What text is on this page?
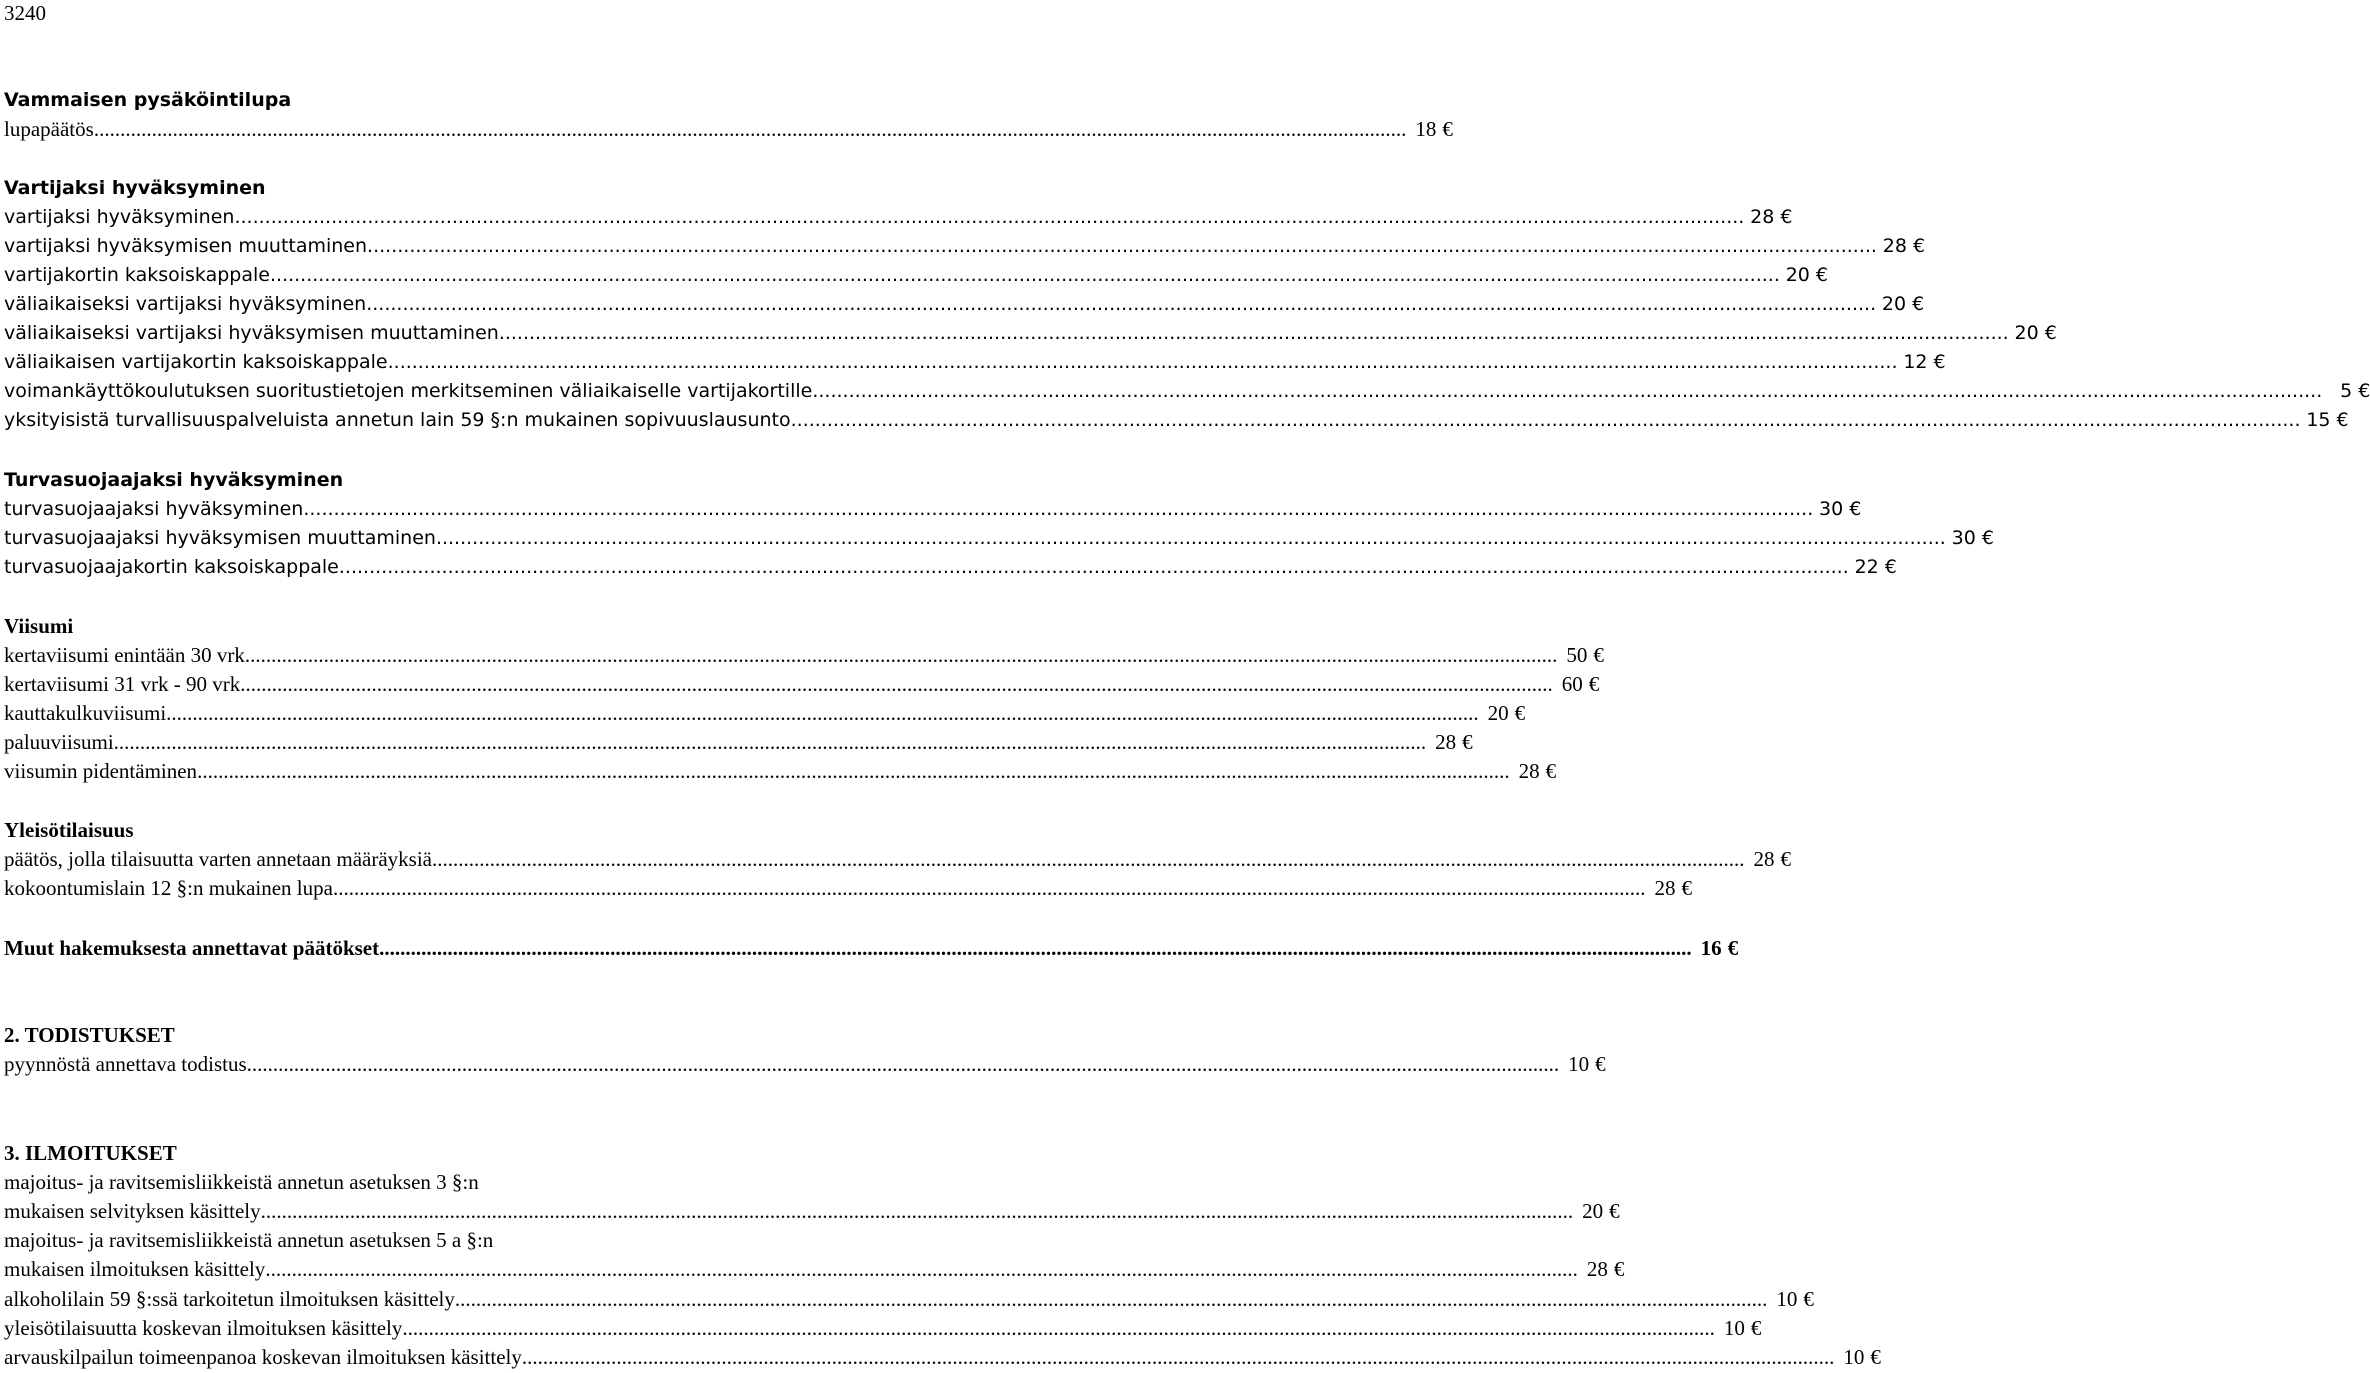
3240
Vammaisen pysäköintilupa
lupapäätös .......................................................................................................................................................................................................................................................... 18 €
Vartijaksi hyväksyminen
vartijaksi hyväksyminen .......................................................................................................................................................................................................................................................... 28 €
vartijaksi hyväksymisen muuttaminen .......................................................................................................................................................................................................................................................... 28 €
vartijakortin kaksoiskappale .......................................................................................................................................................................................................................................................... 20 €
väliaikaiseksi vartijaksi hyväksyminen .......................................................................................................................................................................................................................................................... 20 €
väliaikaiseksi vartijaksi hyväksymisen muuttaminen .......................................................................................................................................................................................................................................................... 20 €
väliaikaisen vartijakortin kaksoiskappale .......................................................................................................................................................................................................................................................... 12 €
voimankäyttökoulutuksen suoritustietojen merkitseminen väliaikaiselle vartijakortille .......................................................................................................................................................................................................................................................... 5 €
yksityisistä turvallisuuspalveluista annetun lain 59 §:n mukainen sopivuuslausunto .......................................................................................................................................................................................................................................................... 15 €
Turvasuojaajaksi hyväksyminen
turvasuojaajaksi hyväksyminen .......................................................................................................................................................................................................................................................... 30 €
turvasuojaajaksi hyväksymisen muuttaminen .......................................................................................................................................................................................................................................................... 30 €
turvasuojaajakortin kaksoiskappale .......................................................................................................................................................................................................................................................... 22 €
Viisumi
kertaviisumi enintään 30 vrk .......................................................................................................................................................................................................................................................... 50 €
kertaviisumi 31 vrk - 90 vrk .......................................................................................................................................................................................................................................................... 60 €
kauttakulkuviisumi .......................................................................................................................................................................................................................................................... 20 €
paluuviisumi .......................................................................................................................................................................................................................................................... 28 €
viisumin pidentäminen .......................................................................................................................................................................................................................................................... 28 €
Yleisötilaisuus
päätös, jolla tilaisuutta varten annetaan määräyksiä .......................................................................................................................................................................................................................................................... 28 €
kokoontumislain 12 §:n mukainen lupa .......................................................................................................................................................................................................................................................... 28 €
Muut hakemuksesta annettavat päätökset .......................................................................................................................................................................................................................................................... 16 €
2. TODISTUKSET
pyynnöstä annettava todistus .......................................................................................................................................................................................................................................................... 10 €
3. ILMOITUKSET
majoitus- ja ravitsemisliikkeistä annetun asetuksen 3 §:n
mukaisen selvityksen käsittely .......................................................................................................................................................................................................................................................... 20 €
majoitus- ja ravitsemisliikkeistä annetun asetuksen 5 a §:n
mukaisen ilmoituksen käsittely .......................................................................................................................................................................................................................................................... 28 €
alkoholilain 59 §:ssä tarkoitetun ilmoituksen käsittely .......................................................................................................................................................................................................................................................... 10 €
yleisötilaisuutta koskevan ilmoituksen käsittely .......................................................................................................................................................................................................................................................... 10 €
arvauskilpailun toimeenpanoa koskevan ilmoituksen käsittely .......................................................................................................................................................................................................................................................... 10 €
